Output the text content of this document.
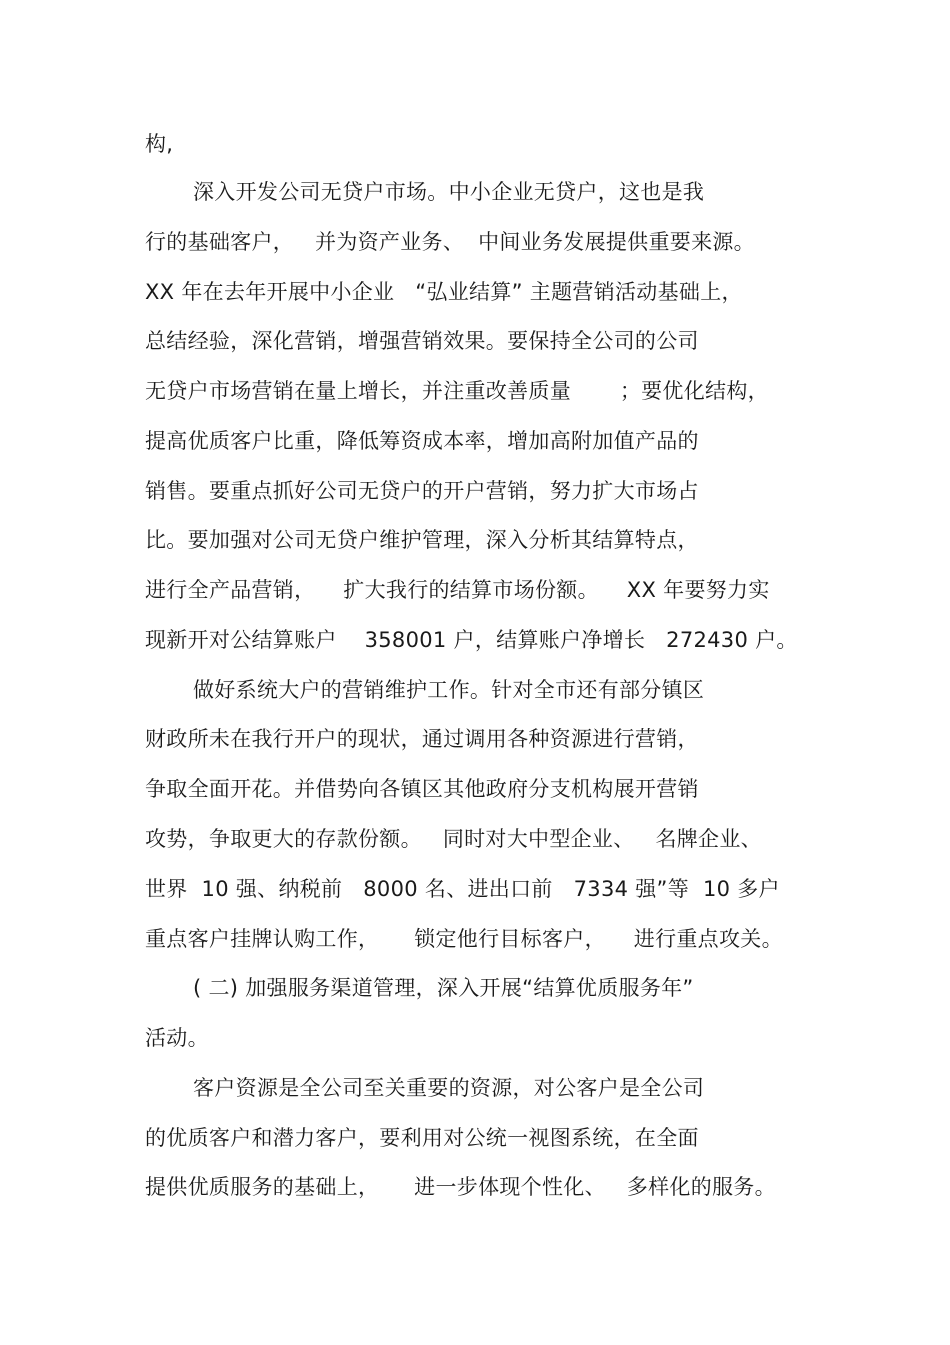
构,
深入开发公司无贷户市场。中小企业无贷户，这也是我
行的基础客户，   并为资产业务、  中间业务发展提供重要来源。
XX 年在去年开展中小企业   “弘业结算” 主题营销活动基础上，
总结经验，深化营销，增强营销效果。要保持全公司的公司
无贷户市场营销在量上增长，并注重改善质量       ；要优化结构，
提高优质客户比重，降低筹资成本率，增加高附加值产品的
销售。要重点抓好公司无贷户的开户营销，努力扩大市场占
比。要加强对公司无贷户维护管理，深入分析其结算特点，
进行全产品营销，    扩大我行的结算市场份额。    XX 年要努力实
现新开对公结算账户    358001 户，结算账户净增长   272430 户。
做好系统大户的营销维护工作。针对全市还有部分镇区
财政所未在我行开户的现状，通过调用各种资源进行营销，
争取全面开花。并借势向各镇区其他政府分支机构展开营销
攻势，争取更大的存款份额。   同时对大中型企业、   名牌企业、
世界  10 强、纳税前   8000 名、进出口前   7334 强”等  10 多户
重点客户挂牌认购工作，     锁定他行目标客户，    进行重点攻关。
( 二) 加强服务渠道管理，深入开展“结算优质服务年”
活动。
客户资源是全公司至关重要的资源，对公客户是全公司
的优质客户和潜力客户，要利用对公统一视图系统，在全面
提供优质服务的基础上，     进一步体现个性化、   多样化的服务。
